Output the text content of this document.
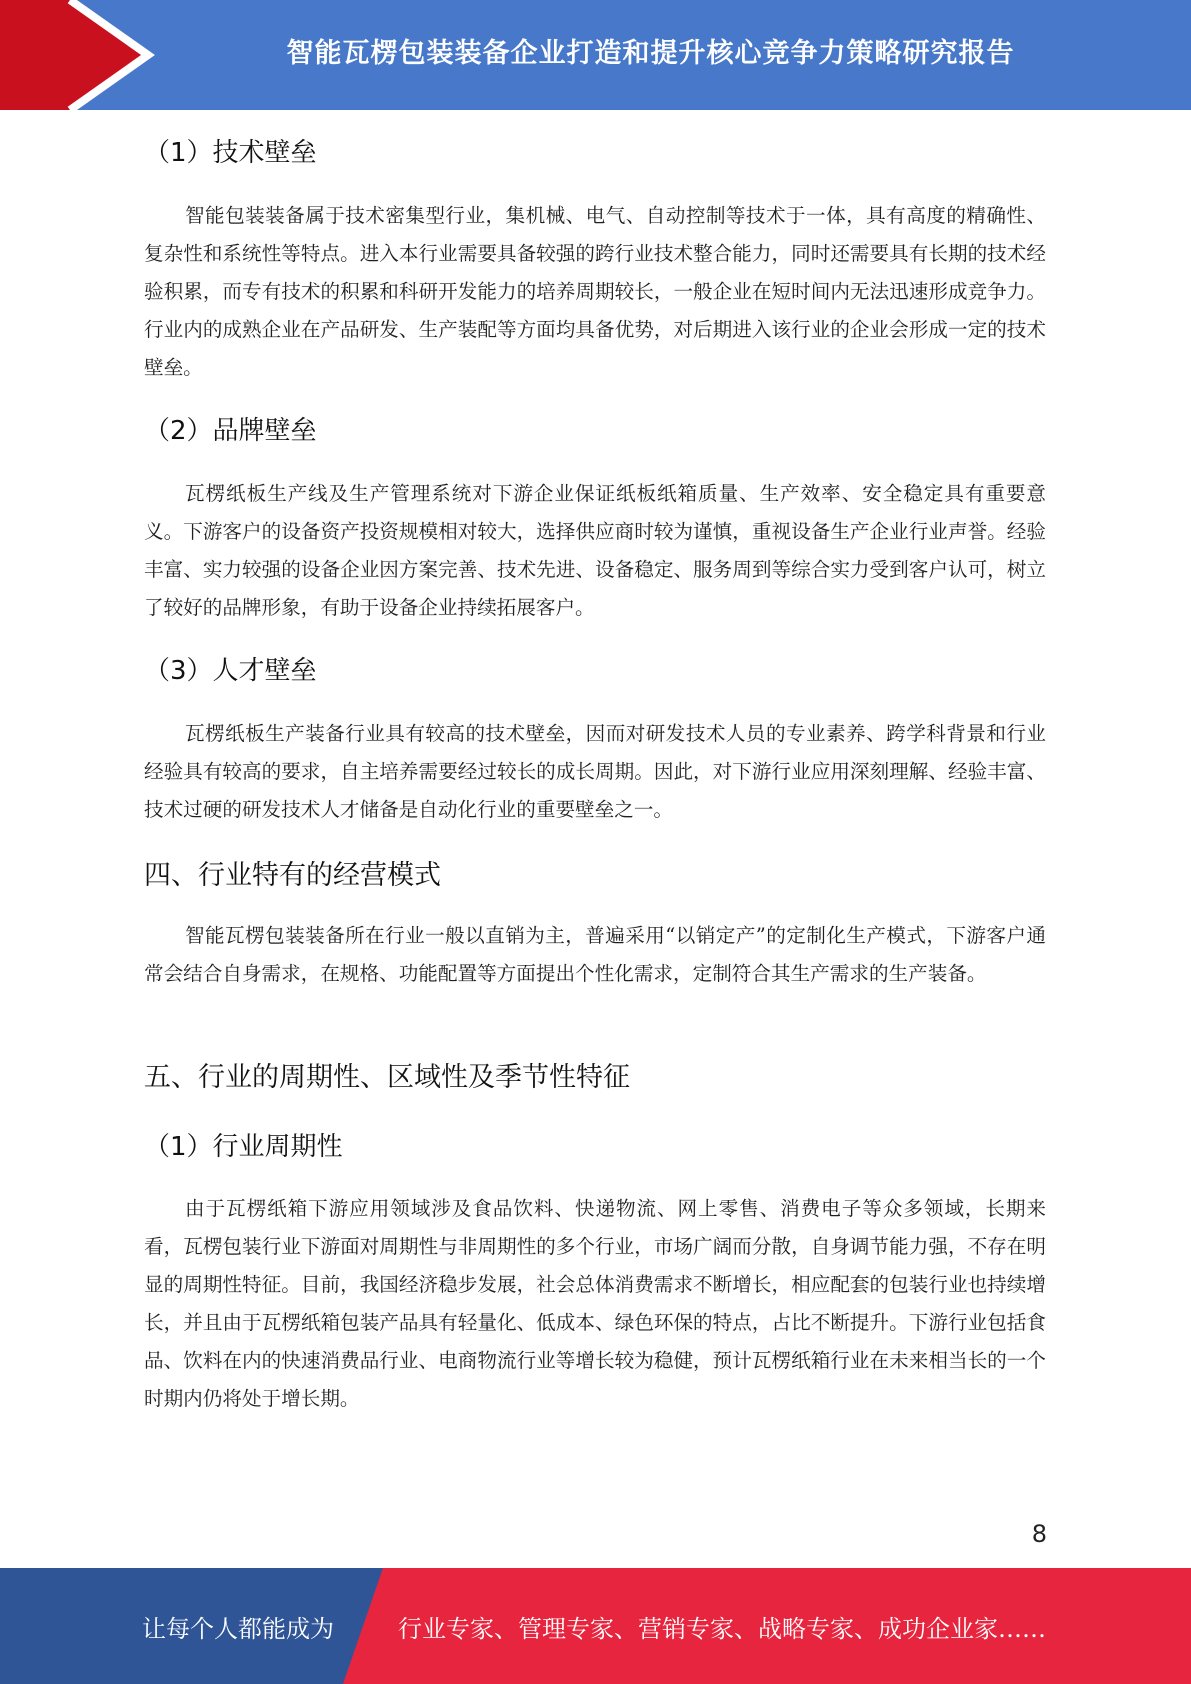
智能瓦楞包装装备企业打造和提升核心竞争力策略研究报告
（1）技术壁垒

智能包装装备属于技术密集型行业，集机械、电气、自动控制等技术于一体，具有高度的精确性、复杂性和系统性等特点。进入本行业需要具备较强的跨行业技术整合能力，同时还需要具有长期的技术经验积累，而专有技术的积累和科研开发能力的培养周期较长，一般企业在短时间内无法迅速形成竞争力。行业内的成熟企业在产品研发、生产装配等方面均具备优势，对后期进入该行业的企业会形成一定的技术壁垒。

（2）品牌壁垒

瓦楞纸板生产线及生产管理系统对下游企业保证纸板纸箱质量、生产效率、安全稳定具有重要意义。下游客户的设备资产投资规模相对较大，选择供应商时较为谨慎，重视设备生产企业行业声誉。经验丰富、实力较强的设备企业因方案完善、技术先进、设备稳定、服务周到等综合实力受到客户认可，树立了较好的品牌形象，有助于设备企业持续拓展客户。

（3）人才壁垒

瓦楞纸板生产装备行业具有较高的技术壁垒，因而对研发技术人员的专业素养、跨学科背景和行业经验具有较高的要求，自主培养需要经过较长的成长周期。因此，对下游行业应用深刻理解、经验丰富、技术过硬的研发技术人才储备是自动化行业的重要壁垒之一。

四、行业特有的经营模式

智能瓦楞包装装备所在行业一般以直销为主，普遍采用“以销定产”的定制化生产模式，下游客户通常会结合自身需求，在规格、功能配置等方面提出个性化需求，定制符合其生产需求的生产装备。

五、行业的周期性、区域性及季节性特征
（1）行业周期性

由于瓦楞纸箱下游应用领域涉及食品饮料、快递物流、网上零售、消费电子等众多领域，长期来看，瓦楞包装行业下游面对周期性与非周期性的多个行业，市场广阔而分散，自身调节能力强，不存在明显的周期性特征。目前，我国经济稳步发展，社会总体消费需求不断增长，相应配套的包装行业也持续增长，并且由于瓦楞纸箱包装产品具有轻量化、低成本、绿色环保的特点，占比不断提升。下游行业包括食品、饮料在内的快速消费品行业、电商物流行业等增长较为稳健，预计瓦楞纸箱行业在未来相当长的一个时期内仍将处于增长期。

8
让每个人都能成为	行业专家、管理专家、营销专家、战略专家、成功企业家……
